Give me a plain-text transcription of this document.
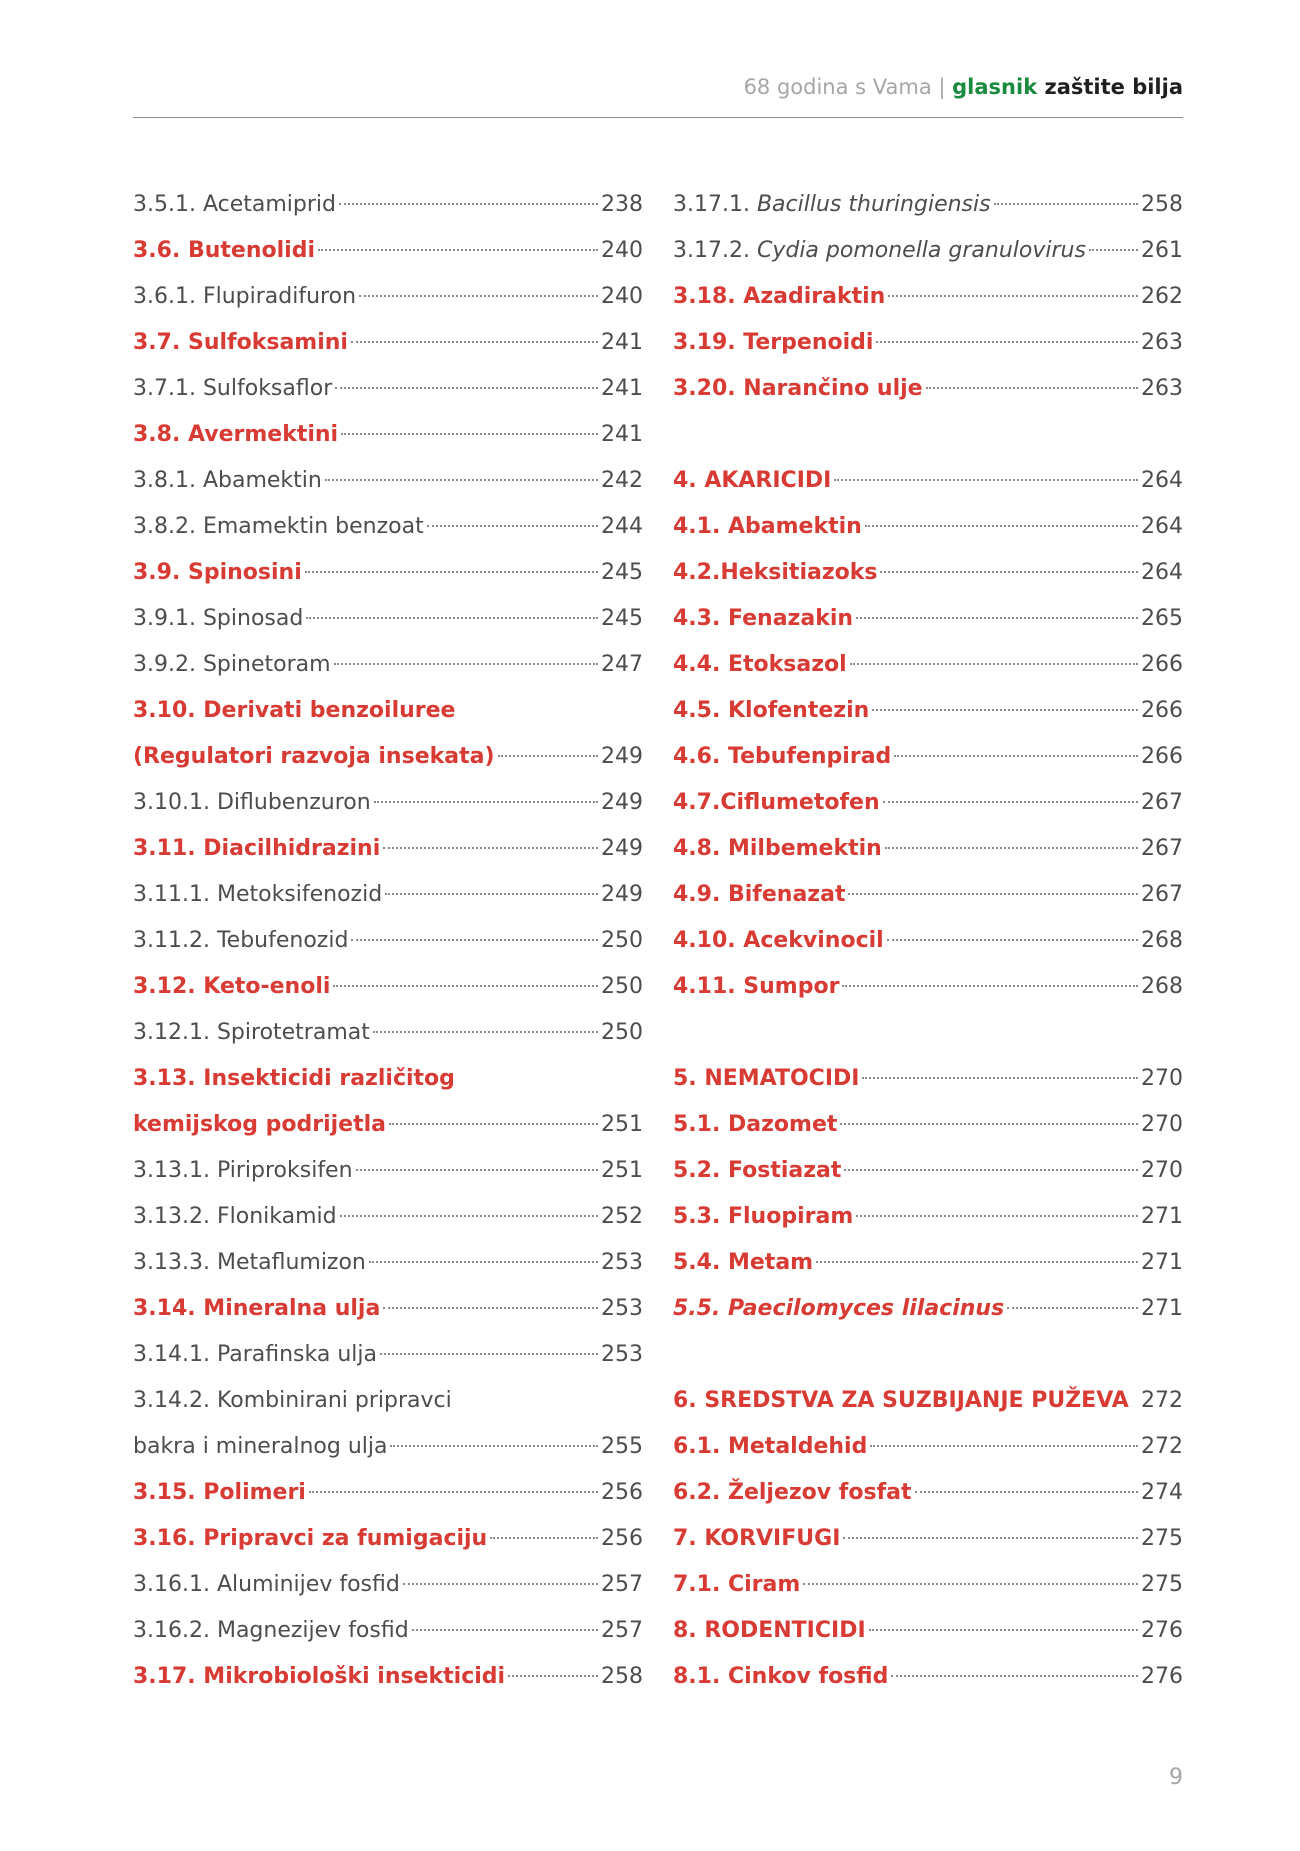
68 godina s Vama | glasnik zaštite bilja
3.5.1. Acetamiprid	238
3.6. Butenolidi	240
3.6.1. Flupiradifuron	240
3.7. Sulfoksamini	241
3.7.1. Sulfoksaflor	241
3.8. Avermektini	241
3.8.1. Abamektin	242
3.8.2. Emamektin benzoat	244
3.9. Spinosini	245
3.9.1. Spinosad	245
3.9.2. Spinetoram	247
3.10. Derivati benzoiluree
(Regulatori razvoja insekata)	249
3.10.1. Diflubenzuron	249
3.11. Diacilhidrazini	249
3.11.1. Metoksifenozid	249
3.11.2. Tebufenozid	250
3.12. Keto-enoli	250
3.12.1. Spirotetramat	250
3.13. Insekticidi različitog
kemijskog podrijetla	251
3.13.1. Piriproksifen	251
3.13.2. Flonikamid	252
3.13.3. Metaflumizon	253
3.14. Mineralna ulja	253
3.14.1. Parafinska ulja	253
3.14.2. Kombinirani pripravci
bakra i mineralnog ulja	255
3.15. Polimeri	256
3.16. Pripravci za fumigaciju	256
3.16.1. Aluminijev fosfid	257
3.16.2. Magnezijev fosfid	257
3.17. Mikrobiološki insekticidi	258
3.17.1. Bacillus thuringiensis	258
3.17.2. Cydia pomonella granulovirus	261
3.18. Azadiraktin	262
3.19. Terpenoidi	263
3.20. Narančino ulje	263
4. AKARICIDI	264
4.1. Abamektin	264
4.2.Heksitiazoks	264
4.3. Fenazakin	265
4.4. Etoksazol	266
4.5. Klofentezin	266
4.6. Tebufenpirad	266
4.7.Ciflumetofen	267
4.8. Milbemektin	267
4.9. Bifenazat	267
4.10. Acekvinocil	268
4.11. Sumpor	268
5. NEMATOCIDI	270
5.1. Dazomet	270
5.2. Fostiazat	270
5.3. Fluopiram	271
5.4. Metam	271
5.5. Paecilomyces lilacinus	271
6. SREDSTVA ZA SUZBIJANJE PUŽEVA 272
6.1. Metaldehid	272
6.2. Željezov fosfat	274
7. KORVIFUGI	275
7.1. Ciram	275
8. RODENTICIDI	276
8.1. Cinkov fosfid	276
9
